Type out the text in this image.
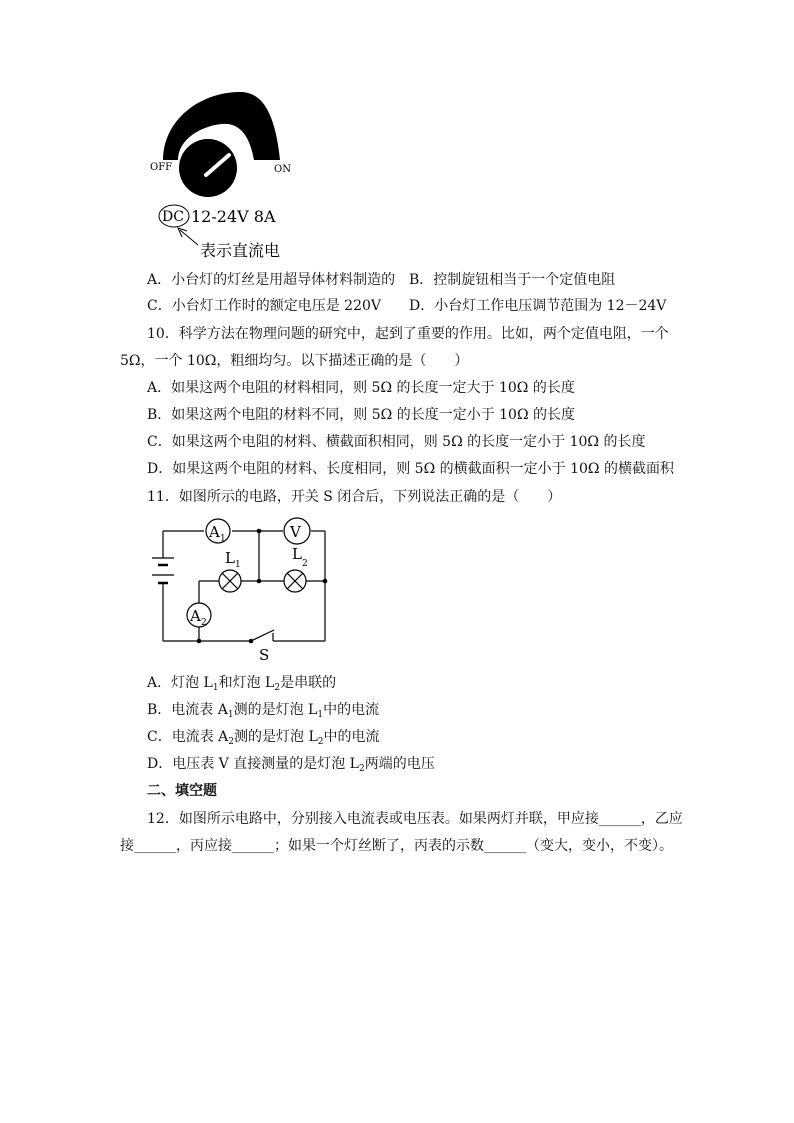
OFF	ON
DC 12-24V 8A
表示直流电
A．小台灯的灯丝是用超导体材料制造的 B．控制旋钮相当于一个定值电阻
C．小台灯工作时的额定电压是 220V D．小台灯工作电压调节范围为 12－24V
10．科学方法在物理问题的研究中，起到了重要的作用。比如，两个定值电阻，一个
5Ω，一个 10Ω，粗细均匀。以下描述正确的是（　　）
A．如果这两个电阻的材料相同，则 5Ω 的长度一定大于 10Ω 的长度
B．如果这两个电阻的材料不同，则 5Ω 的长度一定小于 10Ω 的长度
C．如果这两个电阻的材料、横截面积相同，则 5Ω 的长度一定小于 10Ω 的长度
D．如果这两个电阻的材料、长度相同，则 5Ω 的横截面积一定小于 10Ω 的横截面积
11．如图所示的电路，开关 S 闭合后，下列说法正确的是（　　）
A 1	V
L 1
L
2
A 2
S
A．灯泡 $L_1$和灯泡 $L_2$是串联的
B．电流表 $A_1$测的是灯泡 $L_1$中的电流
C．电流表 $A_2$测的是灯泡 $L_2$中的电流
D．电压表 V 直接测量的是灯泡 $L_2$两端的电压
二、填空题
12．如图所示电路中，分别接入电流表或电压表。如果两灯并联，甲应接______，乙应
接______，丙应接______；如果一个灯丝断了，丙表的示数______（变大，变小，不变）。
